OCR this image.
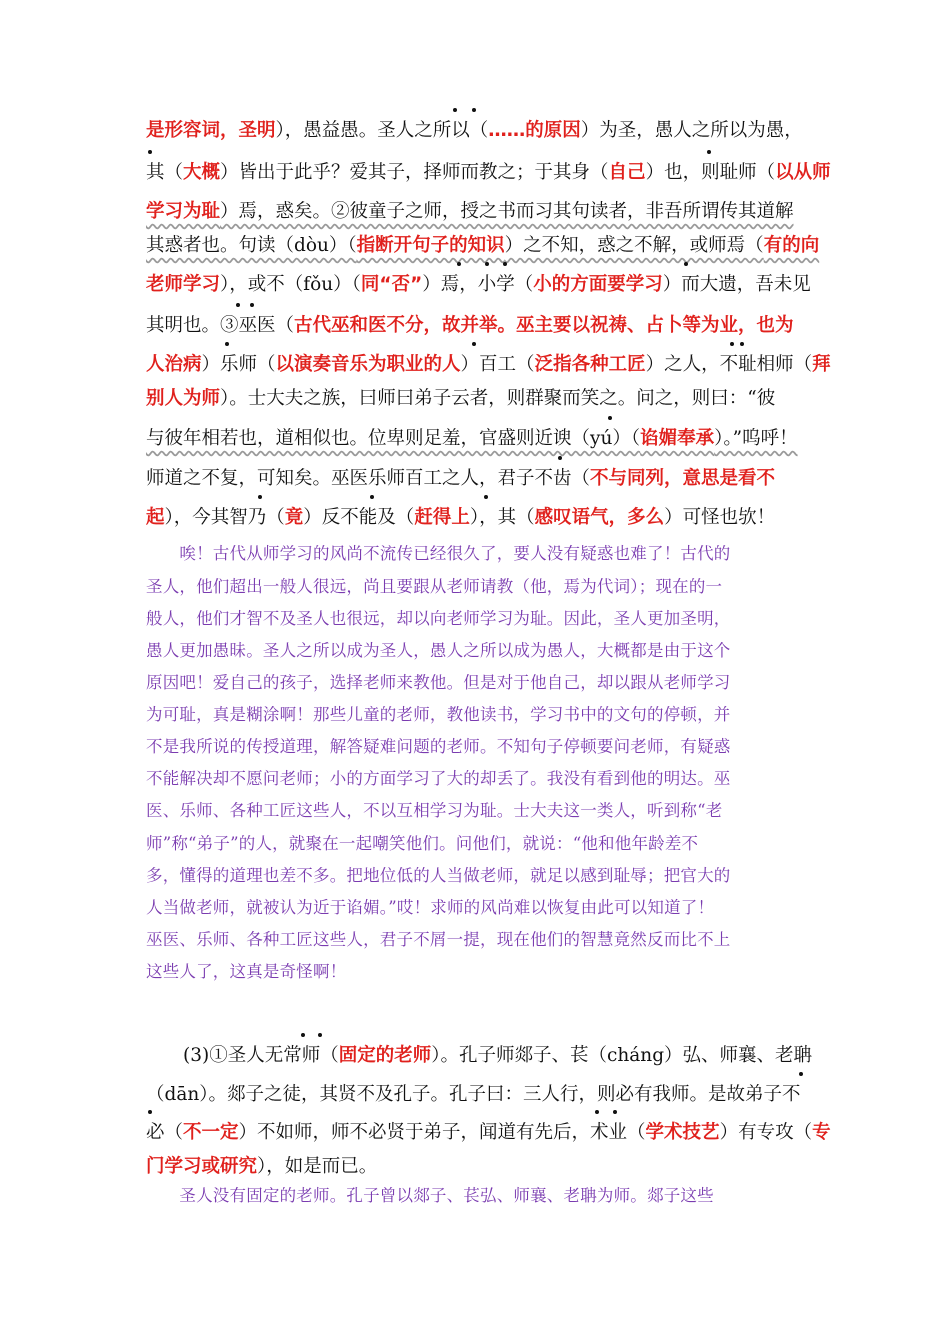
是形容词，圣明），愚益愚。圣人之所以（……的原因）为圣，愚人之所以为愚，
其（大概）皆出于此乎？爱其子，择师而教之；于其身（自己）也，则耻师（以从师
学习为耻）焉，惑矣。②彼童子之师，授之书而习其句读者，非吾所谓传其道解
其惑者也。句读（dòu）（指断开句子的知识）之不知，惑之不解，或师焉（有的向
老师学习），或不（fǒu）（同“否”）焉，小学（小的方面要学习）而大遗，吾未见
其明也。③巫医（古代巫和医不分，故并举。巫主要以祝祷、占卜等为业，也为
人治病）乐师（以演奏音乐为职业的人）百工（泛指各种工匠）之人，不耻相师（拜
别人为师）。士大夫之族，曰师曰弟子云者，则群聚而笑之。问之，则曰：“彼
与彼年相若也，道相似也。位卑则足羞，官盛则近谀（yú）（谄媚奉承）。”呜呼！
师道之不复，可知矣。巫医乐师百工之人，君子不齿（不与同列，意思是看不
起），今其智乃（竟）反不能及（赶得上），其（感叹语气，多么）可怪也欤！
　　唉！古代从师学习的风尚不流传已经很久了，要人没有疑惑也难了！古代的
圣人，他们超出一般人很远，尚且要跟从老师请教（他，焉为代词）；现在的一
般人，他们才智不及圣人也很远，却以向老师学习为耻。因此，圣人更加圣明，
愚人更加愚昧。圣人之所以成为圣人，愚人之所以成为愚人，大概都是由于这个
原因吧！爱自己的孩子，选择老师来教他。但是对于他自己，却以跟从老师学习
为可耻，真是糊涂啊！那些儿童的老师，教他读书，学习书中的文句的停顿，并
不是我所说的传授道理，解答疑难问题的老师。不知句子停顿要问老师，有疑惑
不能解决却不愿问老师；小的方面学习了大的却丢了。我没有看到他的明达。巫
医、乐师、各种工匠这些人，不以互相学习为耻。士大夫这一类人，听到称“老
师”称“弟子”的人，就聚在一起嘲笑他们。问他们，就说：“他和他年龄差不
多，懂得的道理也差不多。把地位低的人当做老师，就足以感到耻辱；把官大的
人当做老师，就被认为近于谄媚。”哎！求师的风尚难以恢复由此可以知道了！
巫医、乐师、各种工匠这些人，君子不屑一提，现在他们的智慧竟然反而比不上
这些人了，这真是奇怪啊！
　　(3)①圣人无常师（固定的老师）。孔子师郯子、苌（cháng）弘、师襄、老聃
（dān）。郯子之徒，其贤不及孔子。孔子曰：三人行，则必有我师。是故弟子不
必（不一定）不如师，师不必贤于弟子，闻道有先后，术业（学术技艺）有专攻（专
门学习或研究），如是而已。
　　圣人没有固定的老师。孔子曾以郯子、苌弘、师襄、老聃为师。郯子这些
